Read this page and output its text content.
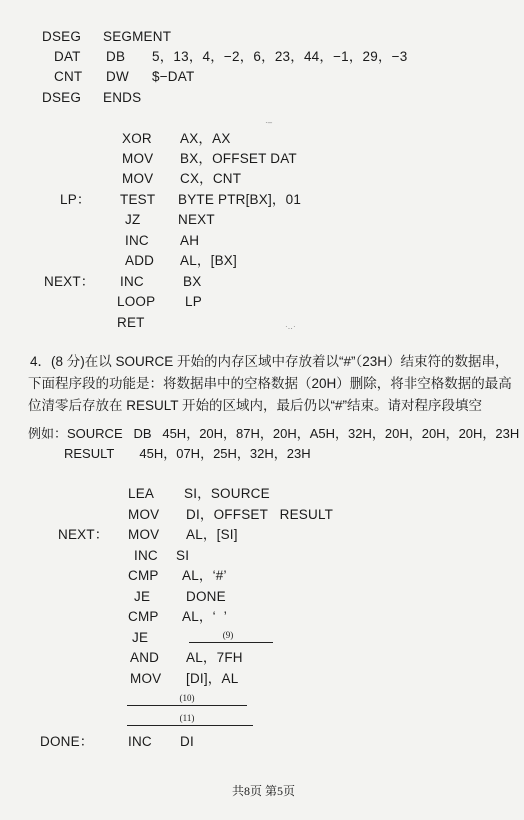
DSEG SEGMENT
DAT DB 5，13，4，−2，6，23，44，−1，29，−3
CNT DW $−DAT
DSEG ENDS
XOR AX，AX
MOV BX，OFFSET DAT
MOV CX，CNT
LP： TEST BYTE PTR[BX]，01
JZ	NEXT
INC AH
ADD AL，[BX]
NEXT： INC	BX
LOOP LP
RET
·‒
·‥·
4．(8 分)在以 SOURCE 开始的内存区域中存放着以“#”（23H）结束符的数据串，
下面程序段的功能是：将数据串中的空格数据（20H）删除，将非空格数据的最高
位清零后存放在 RESULT 开始的区域内，最后仍以“#”结束。请对程序段填空
例如：SOURCE   DB   45H，20H，87H，20H，A5H，32H，20H，20H，20H，23H
RESULT       45H，07H，25H，32H，23H
LEA SI，SOURCE
MOV DI，OFFSET   RESULT
NEXT： MOV AL，[SI]
INC SI
CMP AL，‘#’
JE	DONE
CMP AL，‘  ’
JE	(9)
AND AL，7FH
MOV [DI]，AL
(10)
(11)
DONE：	INC DI
共8页 第5页
